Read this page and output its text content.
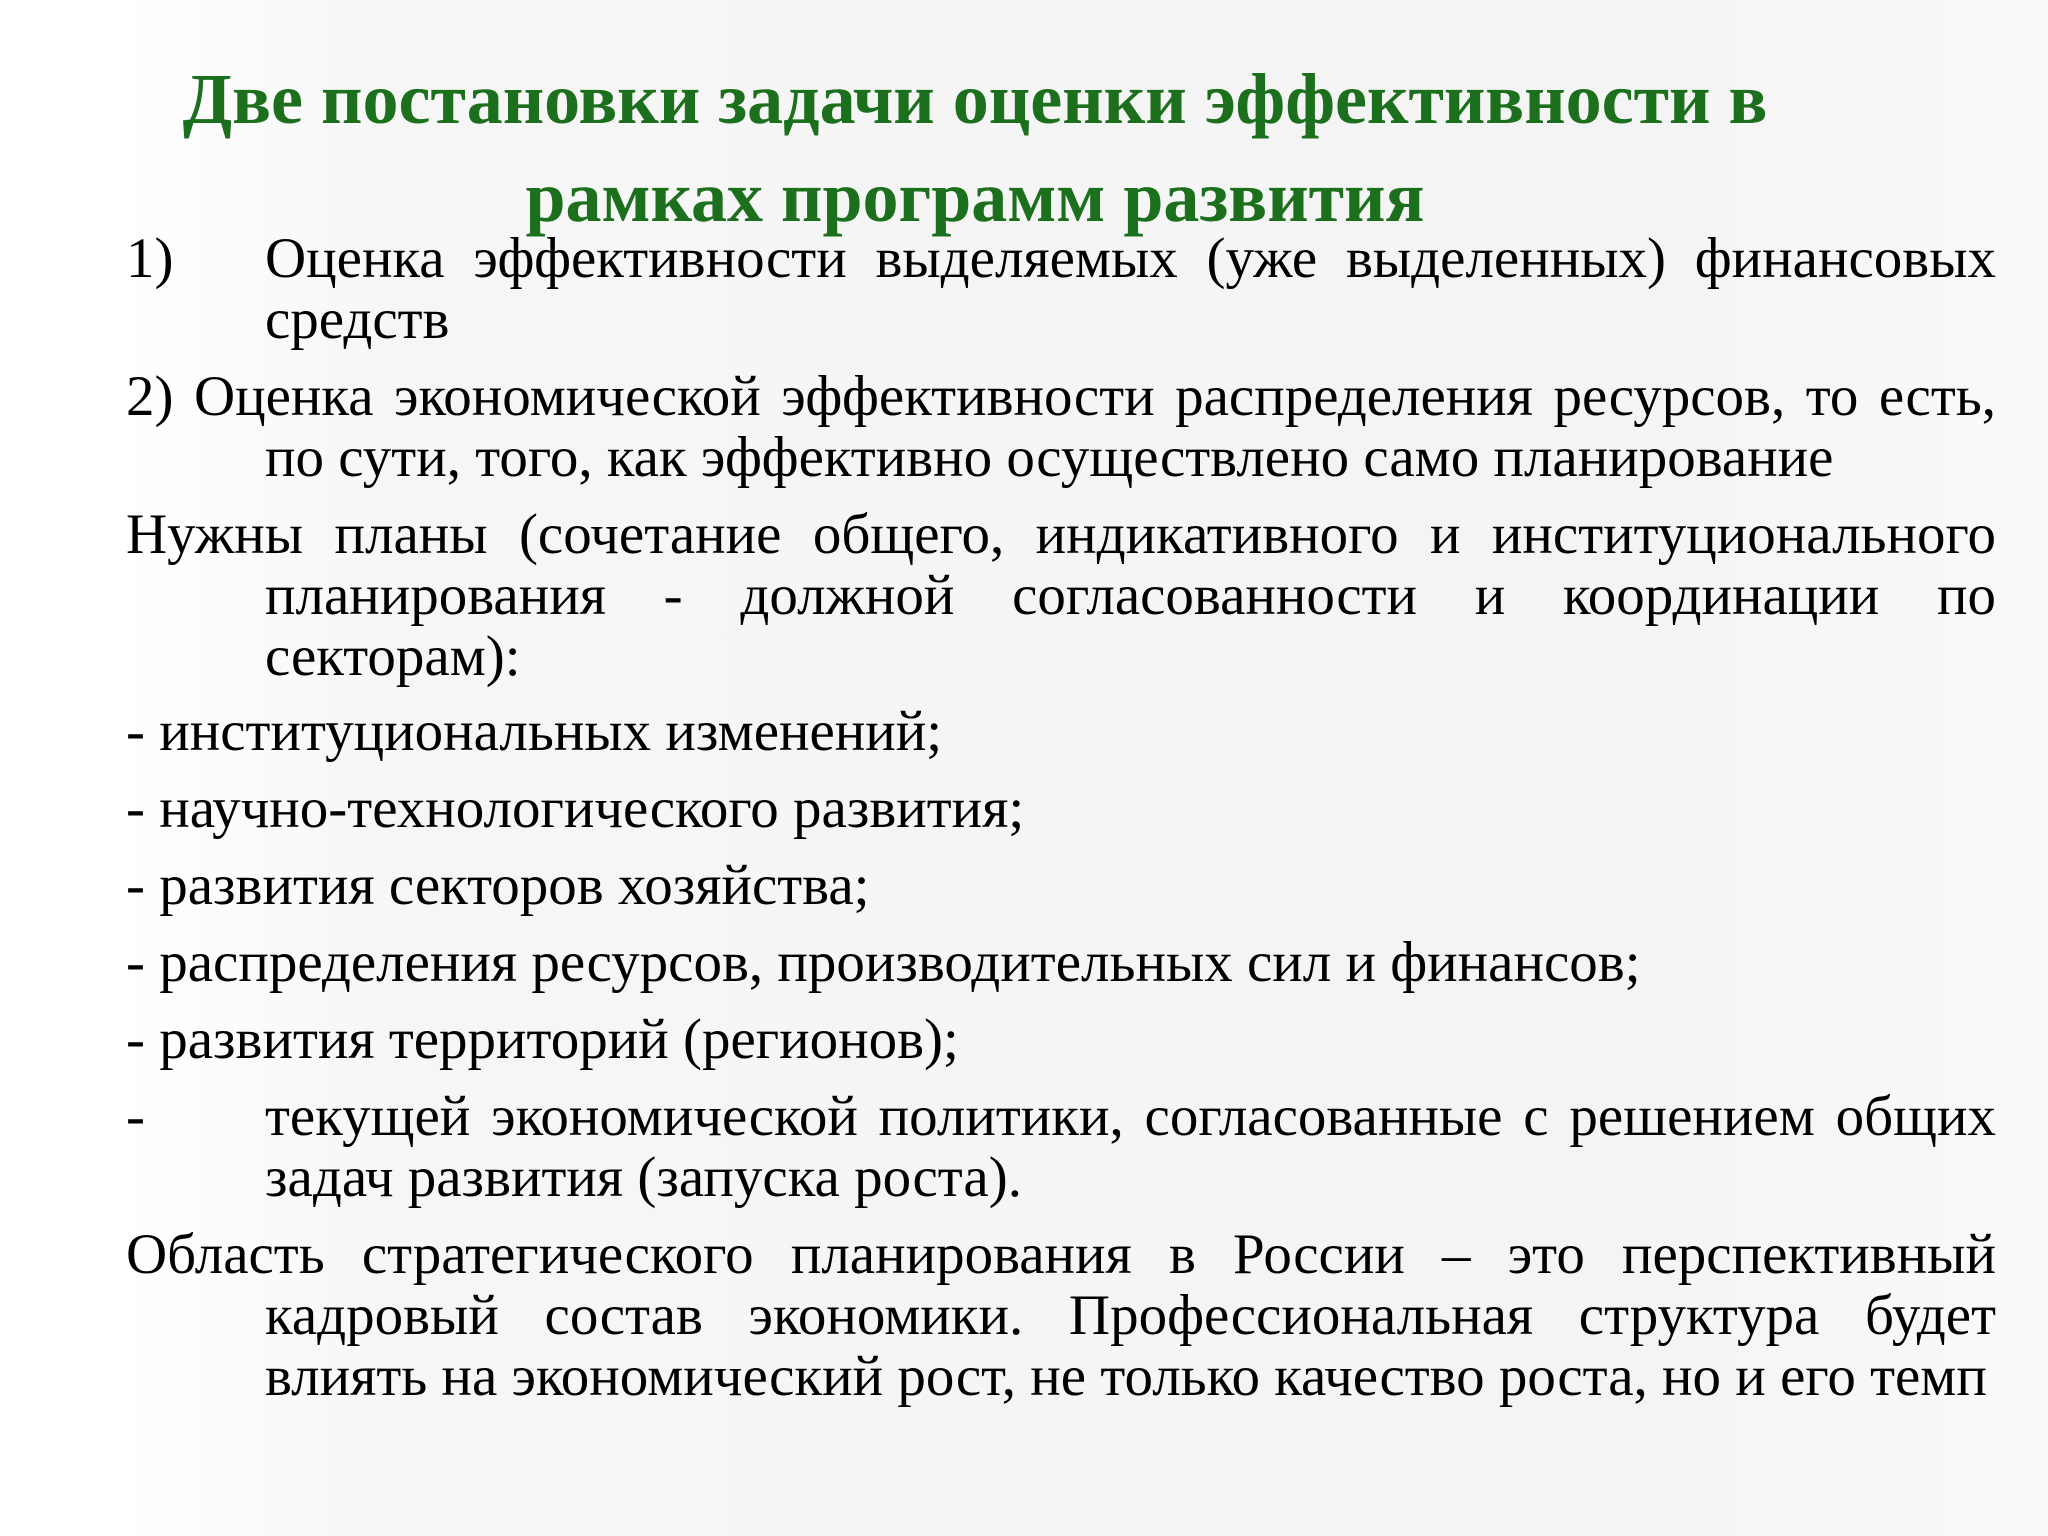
Две постановки задачи оценки эффективности в рамках программ развития
1) Оценка эффективности выделяемых (уже выделенных) финансовых средств
2) Оценка экономической эффективности распределения ресурсов, то есть, по сути, того, как эффективно осуществлено само планирование
Нужны планы (сочетание общего, индикативного и институционального планирования - должной согласованности и координации по секторам):
- институциональных изменений;
- научно-технологического развития;
- развития секторов хозяйства;
- распределения ресурсов, производительных сил и финансов;
- развития территорий (регионов);
- текущей экономической политики, согласованные с решением общих задач развития (запуска роста).
Область стратегического планирования в России – это перспективный кадровый состав экономики. Профессиональная структура будет влиять на экономический рост, не только качество роста, но и его темп
